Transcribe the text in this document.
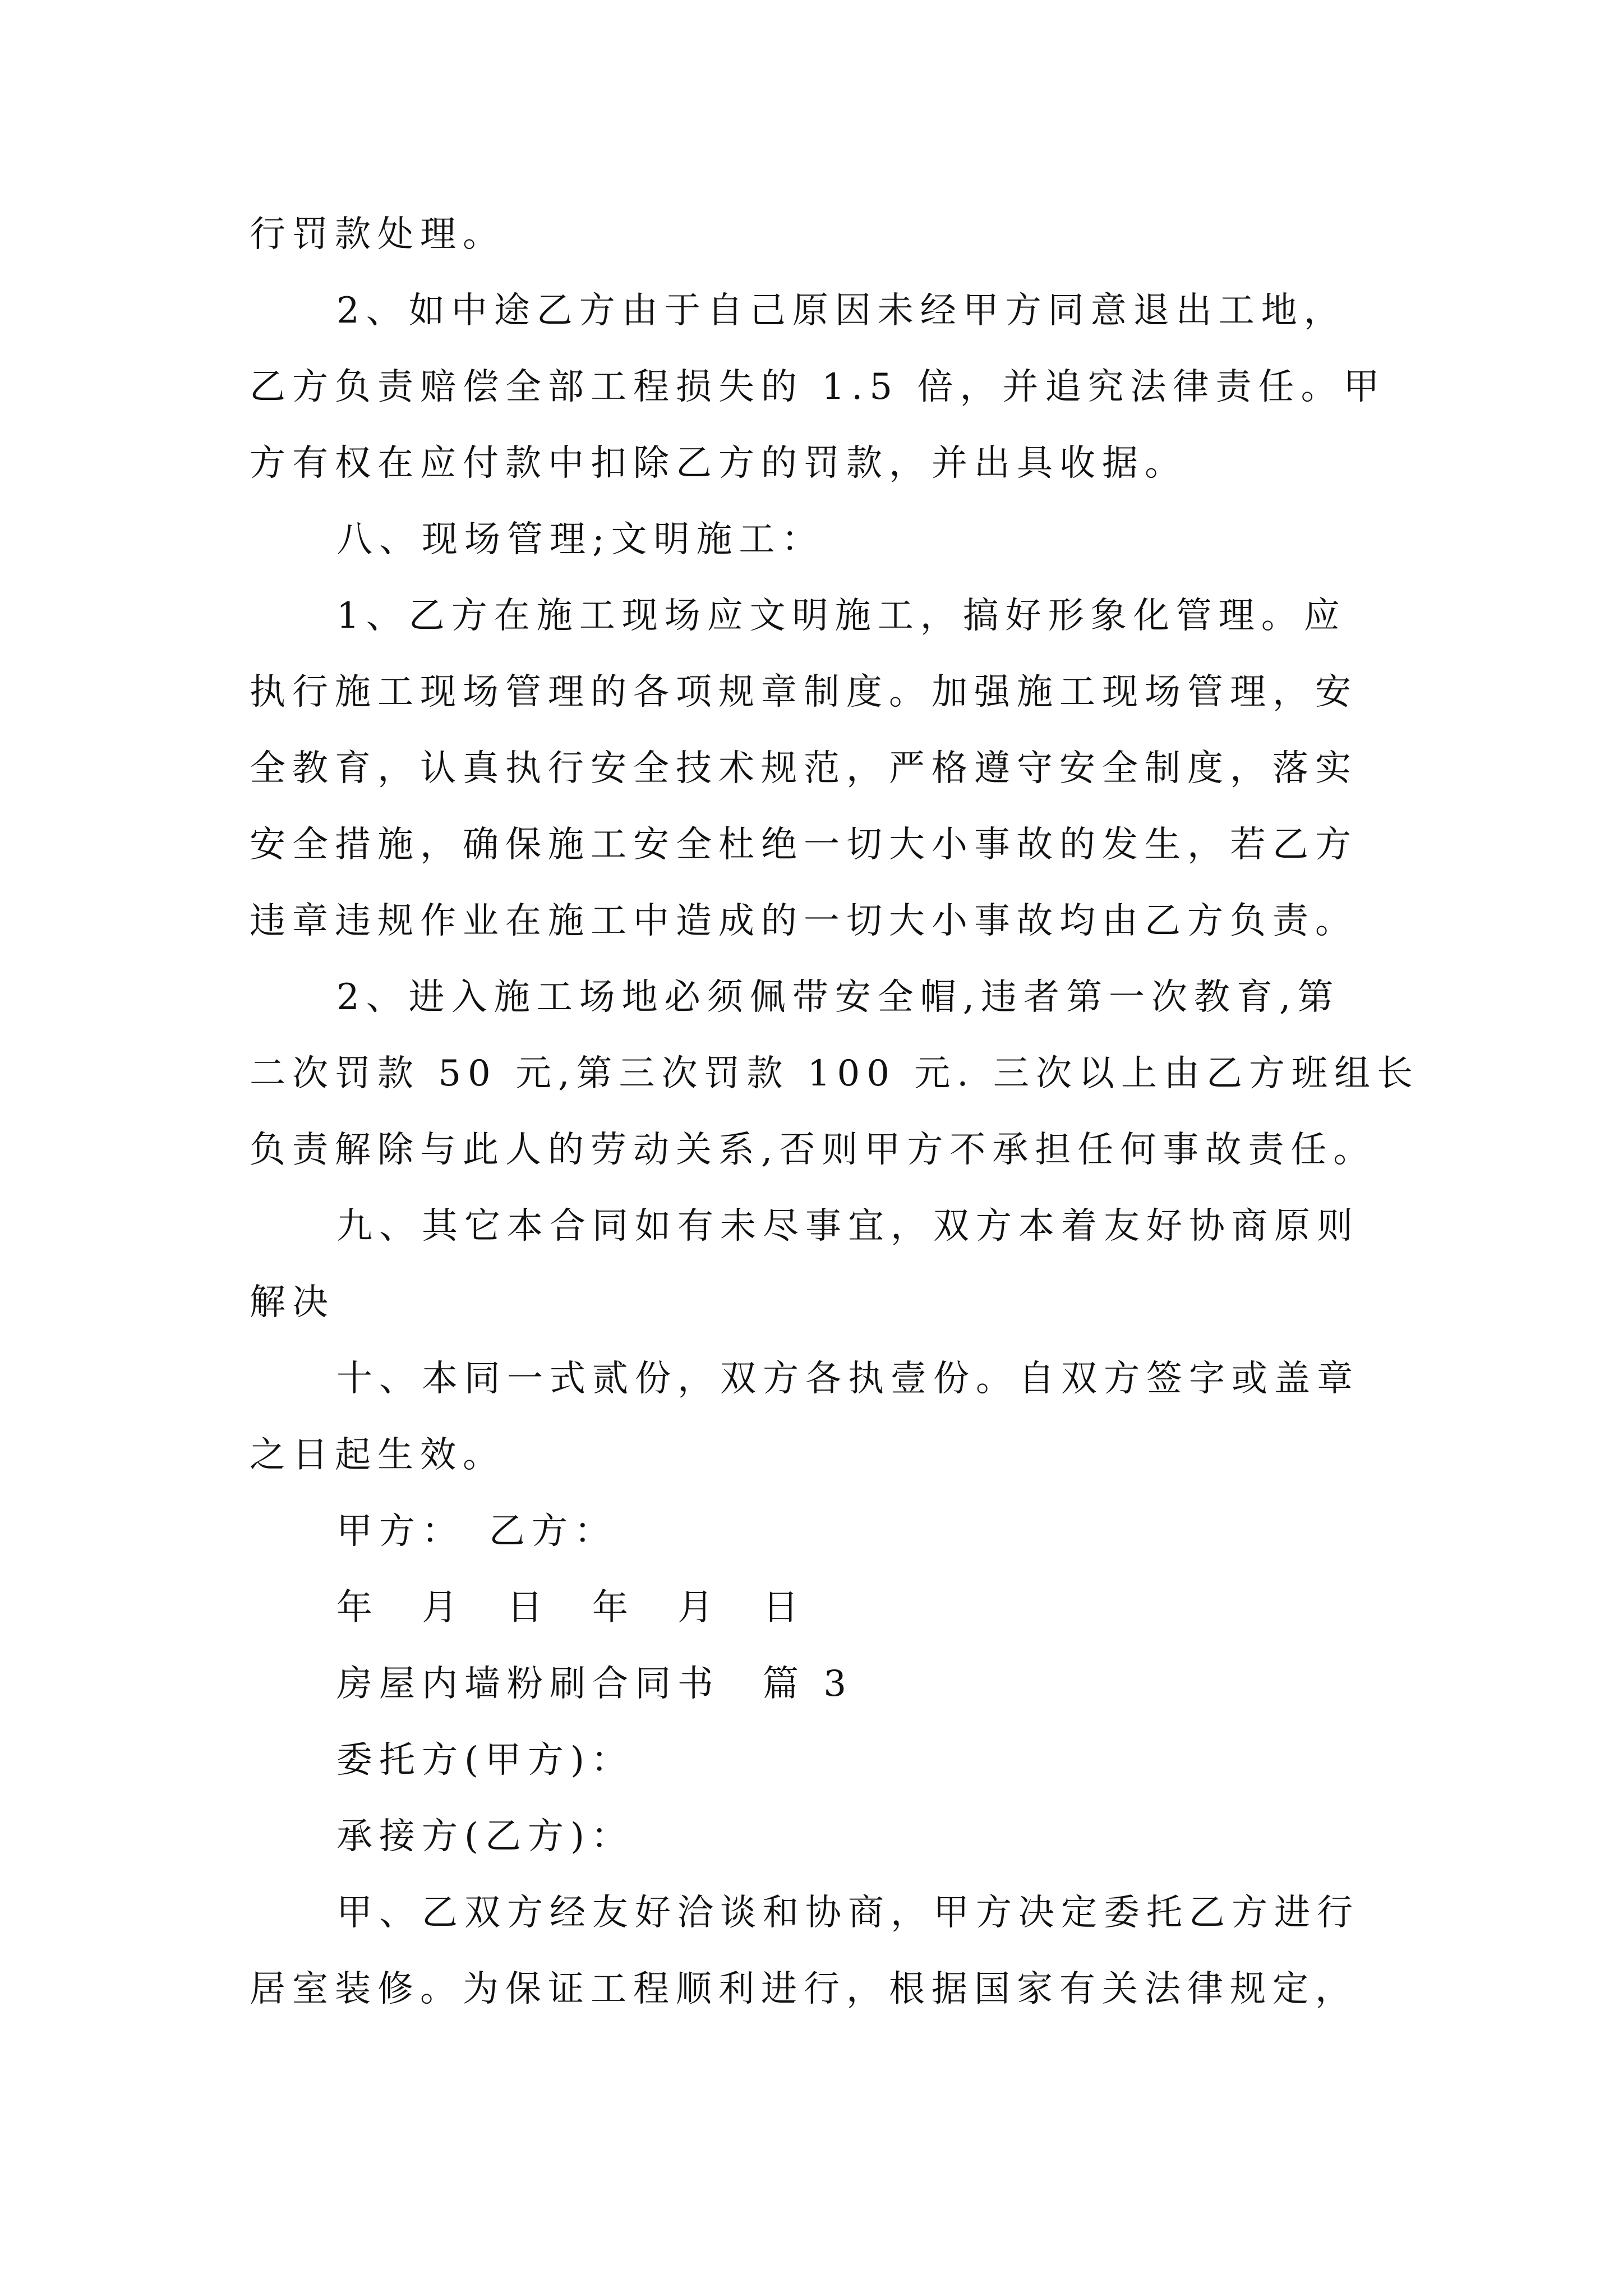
行罚款处理。
2、如中途乙方由于自己原因未经甲方同意退出工地，
乙方负责赔偿全部工程损失的 1.5 倍，并追究法律责任。甲
方有权在应付款中扣除乙方的罚款，并出具收据。
八、现场管理;文明施工：
1、乙方在施工现场应文明施工，搞好形象化管理。应
执行施工现场管理的各项规章制度。加强施工现场管理，安
全教育，认真执行安全技术规范，严格遵守安全制度，落实
安全措施，确保施工安全杜绝一切大小事故的发生，若乙方
违章违规作业在施工中造成的一切大小事故均由乙方负责。
2、进入施工场地必须佩带安全帽,违者第一次教育,第
二次罚款 50 元,第三次罚款 100 元. 三次以上由乙方班组长
负责解除与此人的劳动关系,否则甲方不承担任何事故责任。
九、其它本合同如有未尽事宜，双方本着友好协商原则
解决
十、本同一式贰份，双方各执壹份。自双方签字或盖章
之日起生效。
甲方：　乙方：
年　月　日　年　月　日
房屋内墙粉刷合同书　篇 3
委托方(甲方)：
承接方(乙方)：
甲、乙双方经友好洽谈和协商，甲方决定委托乙方进行
居室装修。为保证工程顺利进行，根据国家有关法律规定，
